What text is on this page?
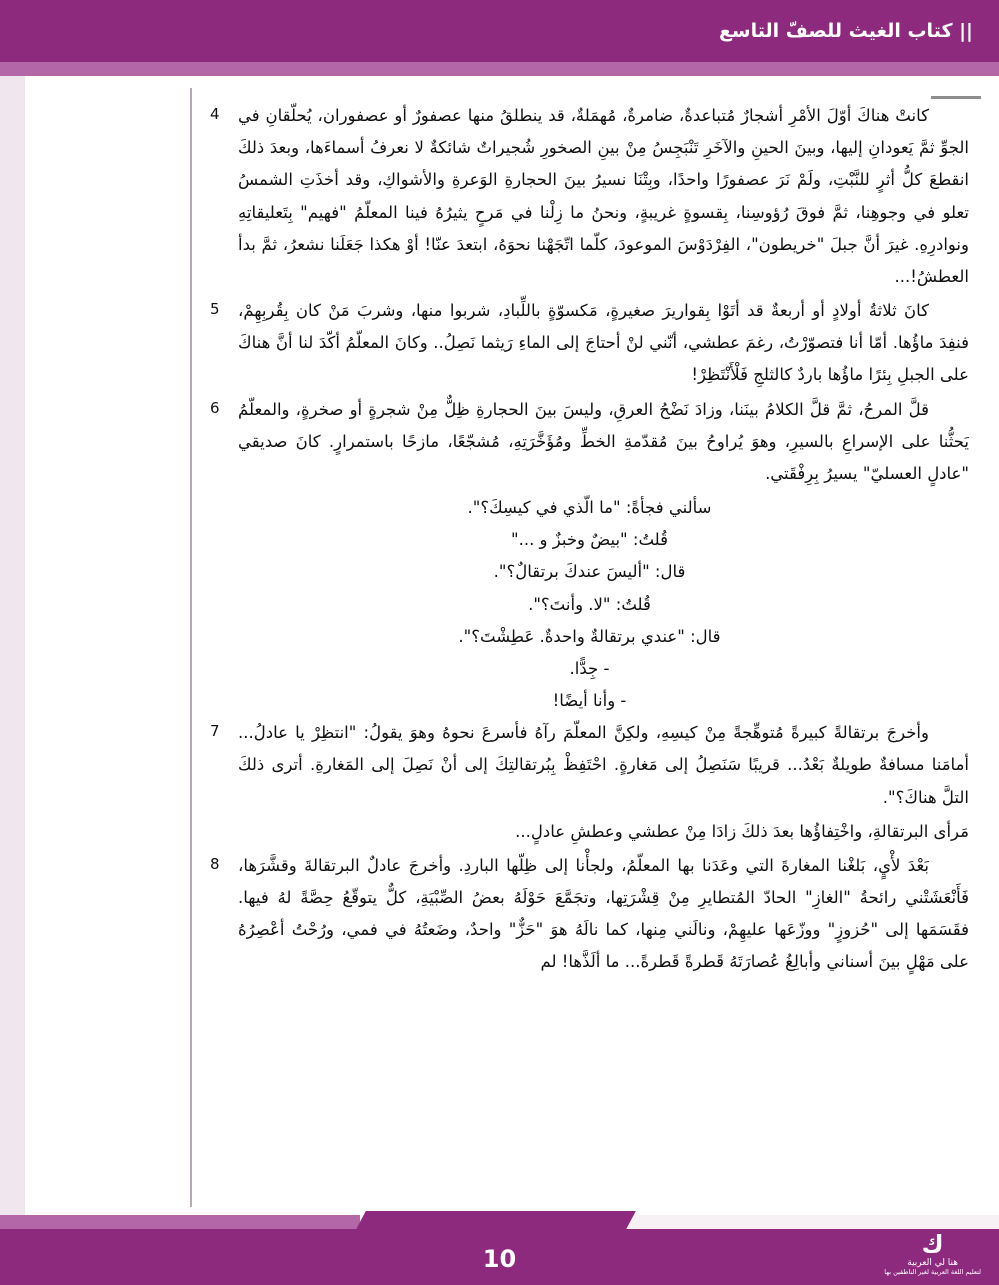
|| كتاب الغيث للصفّ التاسع
4 كانتْ هناكَ أوّلَ الأمْرِ أشجارٌ مُتباعدةٌ، ضامرةٌ، مُهمَلةٌ، قد ينطلقُ منها عصفورٌ أو عصفوران، يُحلّقانِ في الجوِّ ثمَّ يَعودانِ إليها، وبينَ الحينِ والآخَرِ تَنْبَجِسُ مِنْ بينِ الصخورِ شُجيراتٌ شائكةٌ لا نعرفُ أسماءَها، وبعدَ ذلكَ انقطعَ كلُّ أثرٍ للنَّبْتِ، ولَمْ نَرَ عصفورًا واحدًا، وبِتْنَا نسيرُ بينَ الحجارةِ الوَعرةِ والأشواكِ، وقد أخذَتِ الشمسُ تعلو في وجوهِنا، ثمَّ فوقَ رُؤوسِنا، بِقسوةٍ غريبةٍ، ونحنُ ما زِلْنا في مَرحٍ يثيرُهُ فينا المعلّمُ "فهيم" بِتَعليقاتِهِ ونوادرِهِ. غيرَ أنَّ جبلَ "خريطون"، الفِرْدَوْسَ الموعودَ، كلّما اتّجَهْنا نحوَهُ، ابتعدَ عنّا! أوْ هكذا جَعَلَنا نشعرُ، ثمَّ بدأ العطشُ!...

5 كانَ ثلاثةُ أولادٍ أو أربعةٌ قد أتَوْا بِقواريرَ صغيرةٍ، مَكسوّةٍ باللِّبادِ، شربوا منها، وشربَ مَنْ كان بِقُربِهِمْ، فنفِدَ ماؤُها. أمّا أنا فتصوّرْتُ، رغمَ عطشي، أنّني لنْ أحتاجَ إلى الماءِ رَيثما نَصِلُ.. وكانَ المعلّمُ أكّدَ لنا أنَّ هناكَ على الجبلِ بِئرًا ماؤُها باردٌ كالثلجِ فَلْأَنْتَظِرْ!

6 قلَّ المرحُ، ثمَّ قلَّ الكلامُ بينَنا، وزادَ نَضْحُ العرقِ، وليسَ بينَ الحجارةِ ظِلٌّ مِنْ شجرةٍ أو صخرةٍ، والمعلّمُ يَحثُّنا على الإسراعِ بالسيرِ، وهوَ يُراوحُ بينَ مُقدّمةِ الخطِّ ومُؤَخَّرَتِهِ، مُشجّعًا، مازحًا باستمرارٍ. كانَ صديقي "عادلٍ العسليّ" يسيرُ بِرِفْقَتي.

سألني فجأةً: "ما الّذي في كيسِكَ؟".

قُلتُ: "بيضٌ وخبزٌ و ..."

قال: "أليسَ عندكَ برتقالٌ؟".

قُلتُ: "لا. وأنتَ؟".

قال: "عندي برتقالةٌ واحدةٌ. عَطِشْتَ؟".

- جِدًّا.

- وأنا أيضًا!

7 وأخرجَ برتقالةً كبيرةً مُتوهِّجةً مِنْ كيسِهِ، ولكِنَّ المعلّمَ رآهُ فأسرعَ نحوهُ وهوَ يقولُ: "انتظِرْ يا عادلُ... أمامَنا مسافةٌ طويلةٌ بَعْدُ... قريبًا سَنَصِلُ إلى مَغارةٍ. احْتَفِظْ بِبُرتقالتِكَ إلى أنْ نَصِلَ إلى المَغارةِ. أترى ذلكَ التلَّ هناكَ؟".

مَرأى البرتقالةِ، واخْتِفاؤُها بعدَ ذلكَ زادَا مِنْ عطشي وعطشِ عادلٍ...

8 بَعْدَ لأْيٍ، بَلغْنا المغارةَ التي وعَدَنا بها المعلّمُ، ولجأْنا إلى ظِلّها الباردِ. وأخرجَ عادلٌ البرتقالةَ وقشَّرَها، فَأَنْعَشَتْني رائحةُ "الغازِ" الحادّ المُتطايرِ مِنْ قِشْرَتِها، وتجَمَّعَ حَوْلَهُ بعضُ الصِّبْيَةِ، كلٌّ يتوقّعُ حِصَّةً لهُ فيها. فقَسَمَها إلى "حُزوزٍ" ووزّعَها عليهِمْ، ونالَني مِنها، كما نالَهُ هوَ "حَزٌّ" واحدٌ، وضَعتُهُ في فمي، ورُحْتُ أعْصِرُهُ على مَهْلٍ بينَ أسناني وأبالِغُ عُصارَتَهُ قَطرةً قَطرةً... ما ألَذَّها! لم

10
ك
هنا لي العربية
لتعليم اللغة العربية لغير الناطقين بها
